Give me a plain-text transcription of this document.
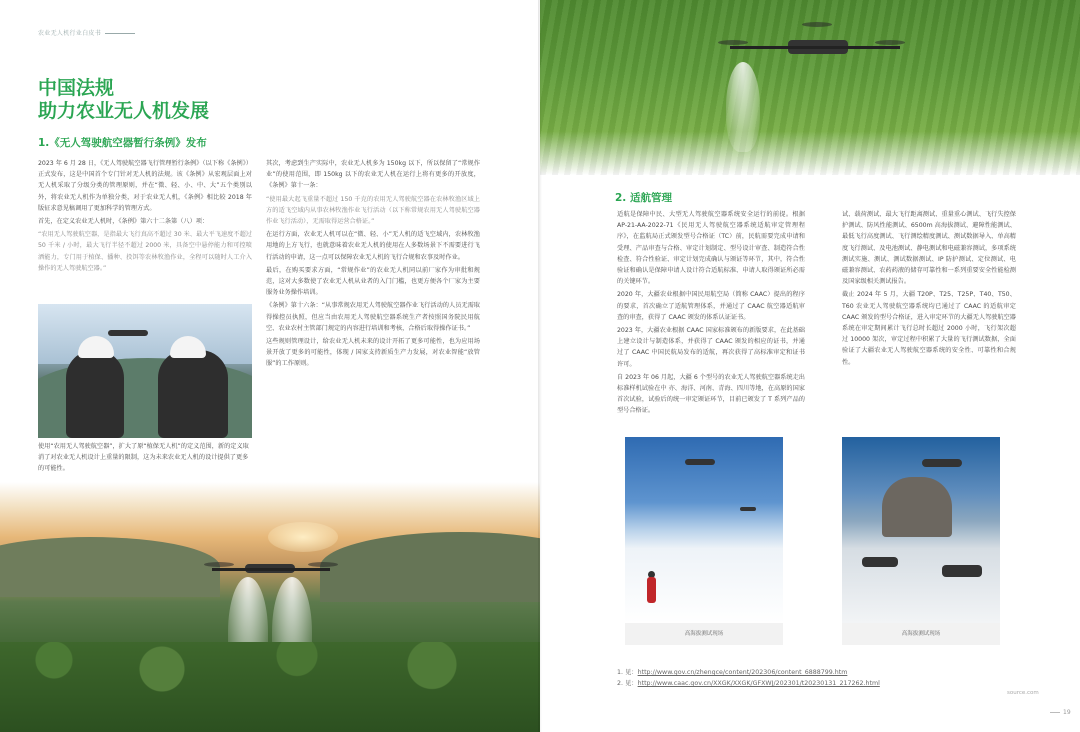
农业无人机行业白皮书
中国法规
助力农业无人机发展
1.《无人驾驶航空器暂行条例》发布

2023 年 6 月 28 日，《无人驾驶航空器飞行管理暂行条例》（以下称《条例》）正式发布，这是中国首个专门针对无人机的法规。该《条例》从宏观层面上对无人机采取了分级分类的管理原则，并在“微、轻、小、中、大”五个类别以外，将农业无人机作为单独分类，对于农业无人机，《条例》相比较 2018 年版征求意见稿调用了更加科学的管理方式。

首先，在定义农业无人机时，《条例》第六十二条第（八）项：

“农用无人驾驶航空器，是指最大飞行真高不超过 30 米、最大平飞速度不超过 50 千米 / 小时，最大飞行半径不超过 2000 米，具备空中悬停能力和可控喷洒能力，专门用于植保、播种、投饵等农林牧渔作业，全程可以随时人工介入操作的无人驾驶航空器。”

使用“农用无人驾驶航空器”，扩大了原“植保无人机”的定义范围，新的定义取消了对农业无人机设计上重量的限制，这为未来农业无人机的设计提供了更多的可能性。

其次，考虑到生产实际中，农业无人机多为 150kg 以下，所以保留了“常规作业”的使用范围，即 150kg 以下的农业无人机在运行上将有更多的开放度，《条例》第十一条：

“使用最大起飞重量不超过 150 千克的农用无人驾驶航空器在农林牧渔区域上方的适飞空域内从事农林牧渔作业飞行活动（以下称常规农用无人驾驶航空器作业飞行活动），无需取得运营合格证。”

在运行方面，农业无人机可以在“微、轻、小”无人机的适飞空域内，农林牧渔用地的上方飞行，也就意味着农业无人机的使用在人多数场景下不需要进行飞行活动的申请，这一点可以保障农业无人机的飞行合规和农事及时作业。

最后，在购买要求方面，“常规作业”的农业无人机同以前厂家作为审批和规范，这对大多数使了农业无人机从业者的入门门槛，也更方便各个厂家为主要服务业务操作培训。

《条例》第十六条：“从事常规农用无人驾驶航空器作业飞行活动的人员无需取得操控员执照，但应当由农用无人驾驶航空器系统生产者按照国务院民用航空、农业农村主管部门规定的内容进行培训和考核，合格后取得操作证书。”

这些规则管理设计，给农业无人机未来的设计开拓了更多可能性，也为应用场景开放了更多的可能性，体现 / 国家支持新质生产力发展，对农业智能“放管服”的工作原则。

2. 适航管理

适航是保障中民、大型无人驾驶航空器系统安全运行的前提。根据 AP-21-AA-2022-71《民用无人驾驶航空器系统适航审定管理程序》，在监航局正式颁发型号合格证（TC）前，民航需要完成申请和受理、产品审查与合格、审定计划制定、型号设计审查、制造符合性检查、符合性验证、审定计划完成确认与颁证等环节，其中，符合性验证和确认是保障申请人设计符合适航标准、申请人取得颁证所必需的关键环节。

2020 年，大疆农业根据中国民用航空局（简称 CAAC）提出的程序的要求，首次确立了适航管理体系，并通过了 CAAC 航空器适航审查的审查，获得了 CAAC 颁发的体系认证证书。

2023 年，大疆农业根据 CAAC 国家标准颁布的新版要求，在此基础上建立设计与制造体系，并获得了 CAAC 颁发的相应的证书，并通过了 CAAC 中国民航局发布的适航，再次获得了高标准审定和证书许可。

自 2023 年 06 月起，大疆 6 个型号的农业无人驾驶航空器系统走出标准样机试验在中 亦、海洋、河南、青海、四川等地，在高原的国家首次试验，试验后的统一审定颁证环节，目前已颁发了 T 系列产品的型号合格证。

试、载荷测试、最大飞行距离测试、重量重心测试、飞行失控保护测试、防风性能测试、6500m 高海拔测试、避障性能测试、最低飞行高度测试、飞行测绘精度测试、测试数据导入、单高精度飞行测试、及电池测试、静电测试和电磁兼容测试，多项系统测试实施、测试、测试数据测试、IP 防护测试、定位测试、电磁兼容测试、农药药液的储存可靠性和一系列重要安全性能检测及国家级相关测试报告。

截止 2024 年 5 月，大疆 T20P、T25、T25P、T40、T50、T60 农业无人驾驶航空器系统均已通过了 CAAC 的适航审定 CAAC 颁发的型号合格证，进入审定环节的大疆无人驾驶航空器系统在审定期间累计飞行总时长超过 2000 小时，飞行架次超过 10000 架次，审定过程中积累了大量的飞行测试数据，全面验证了大疆农业无人驾驶航空器系统的安全性、可靠性和合规性。

高海拔测试现场	高海拔测试现场
1. 见：http://www.gov.cn/zhengce/content/202306/content_6888799.htm
2. 见：http://www.caac.gov.cn/XXGK/XXGK/GFXWJ/202301/t20230131_217262.html
source.com
19
